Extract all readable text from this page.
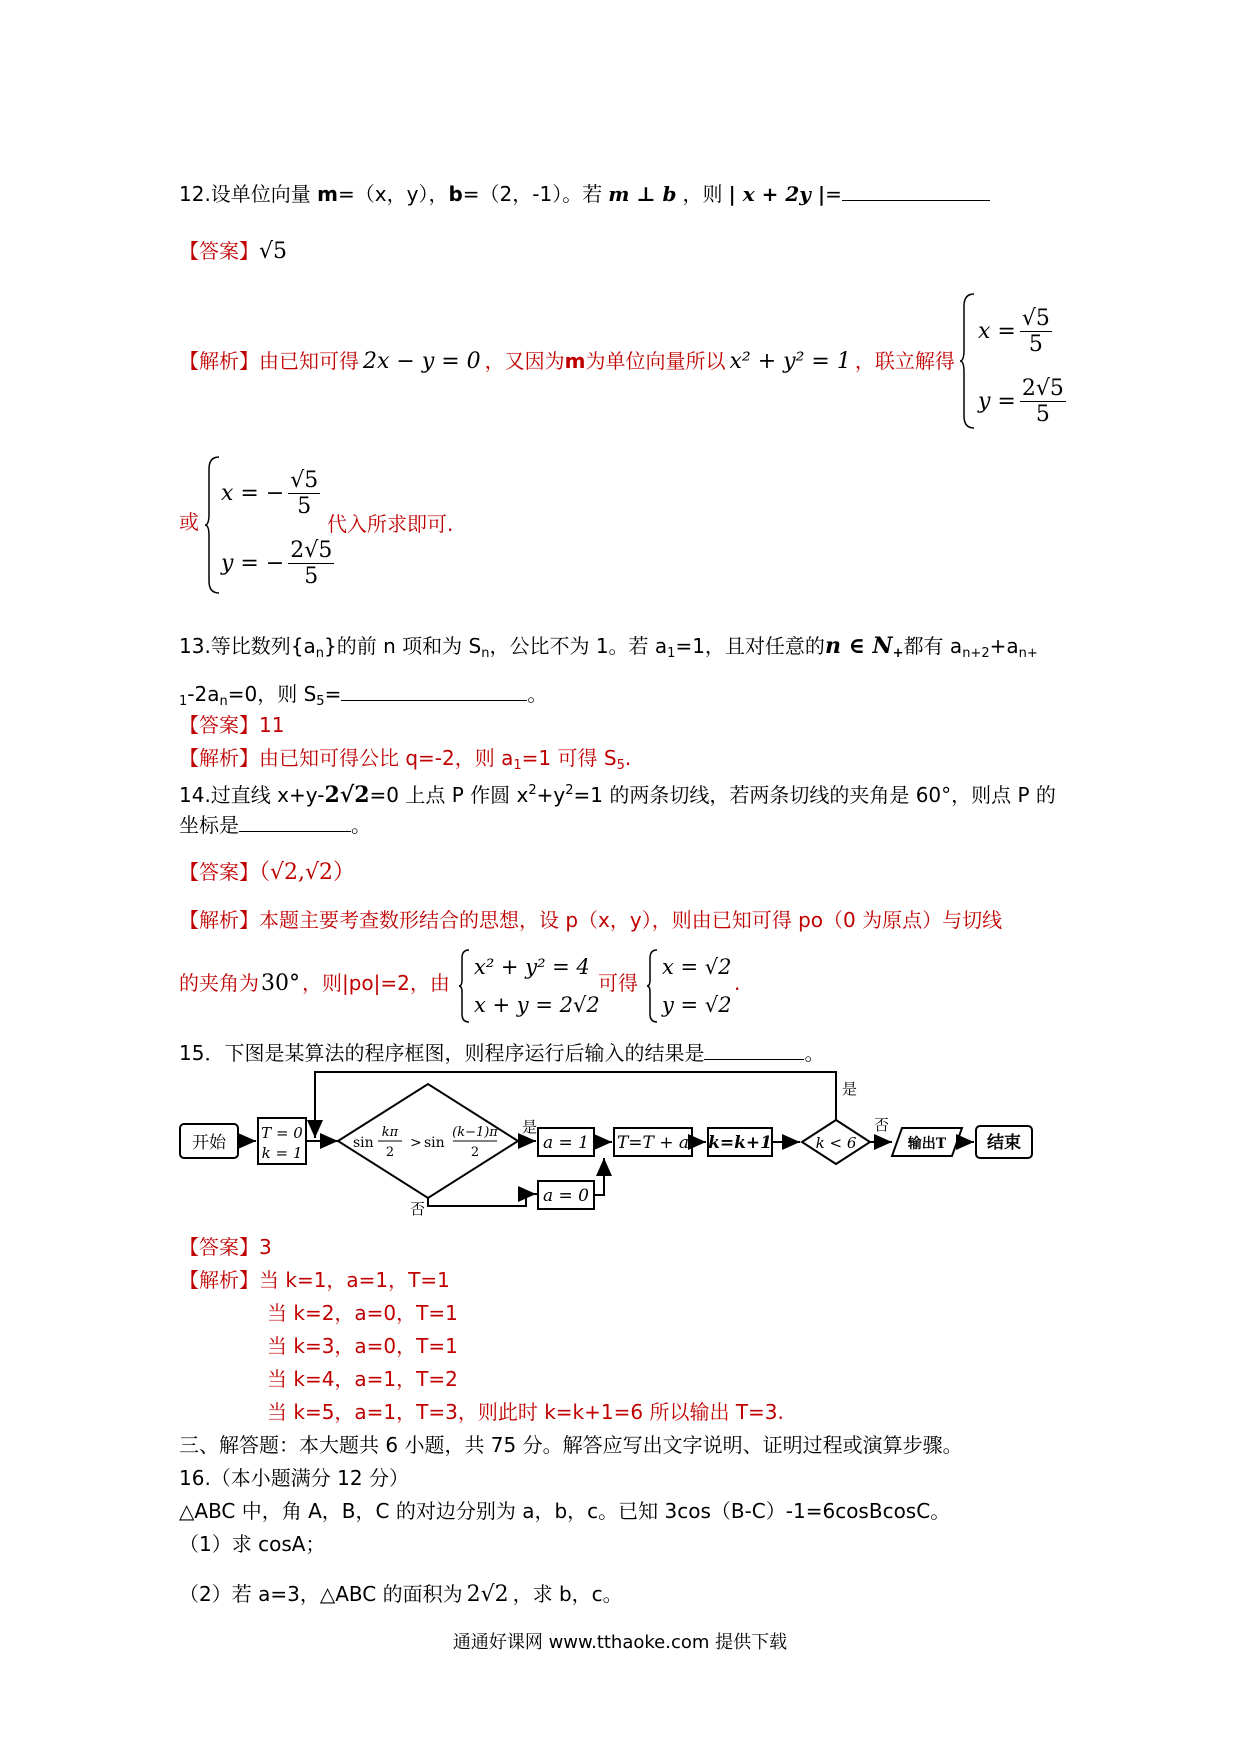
12.设单位向量 m=（x，y），b=（2，-1）。若 m ⊥ b ，则 | x + 2y |=
【答案】√5
【解析】由已知可得 2x − y = 0 ，又因为m为单位向量所以 x² + y² = 1 ，联立解得
$x = \frac{√5}{5}$
$y = \frac{2√5}{5}$
或
x = − $\frac{√5}{5}$
y = − $\frac{2√5}{5}$
代入所求即可.
13.等比数列$\{a_n\}$的前 n 项和为 $S_n$，公比不为 1。若 $a_1=1$，且对任意的n ∈ $N_+$都有 $a_{n+2}+a_{n+}$
$_1-2a_n=0$，则 $S_5=$	。
【答案】11
【解析】由已知可得公比 q=-2，则 $a_1=1$ 可得 $S_5$.
14.过直线 x+y-2√2=0 上点 P 作圆 $x^2+y^2=1$ 的两条切线，若两条切线的夹角是 60°，则点 P 的
坐标是	。
【答案】（√2,√2）
【解析】本题主要考查数形结合的思想，设 p（x，y），则由已知可得 po（0 为原点）与切线
的夹角为30° ，则|po|=2，由
x² + y² = 4
x + y = 2√2
可得
x = √2
y = √2
.
15．下图是某算法的程序框图，则程序运行后输入的结果是	。
开始 T = 0
k = 1
sin
kπ
2
> sin
(k−1)π
2
是
否
a = 1
a = 0
T=T + a k=k+1	k < 6
是
否
输出T 结束
【答案】3
【解析】当 k=1，a=1，T=1
当 k=2，a=0，T=1
当 k=3，a=0，T=1
当 k=4，a=1，T=2
当 k=5，a=1，T=3，则此时 k=k+1=6 所以输出 T=3.
三、解答题：本大题共 6 小题，共 75 分。解答应写出文字说明、证明过程或演算步骤。
16.（本小题满分 12 分）
△ABC 中，角 A，B，C 的对边分别为 a，b，c。已知 3cos（B-C）-1=6cosBcosC。
（1）求 cosA；
（2）若 a=3，△ABC 的面积为 2√2 ，求 b，c。
通通好课网 www.tthaoke.com 提供下载
